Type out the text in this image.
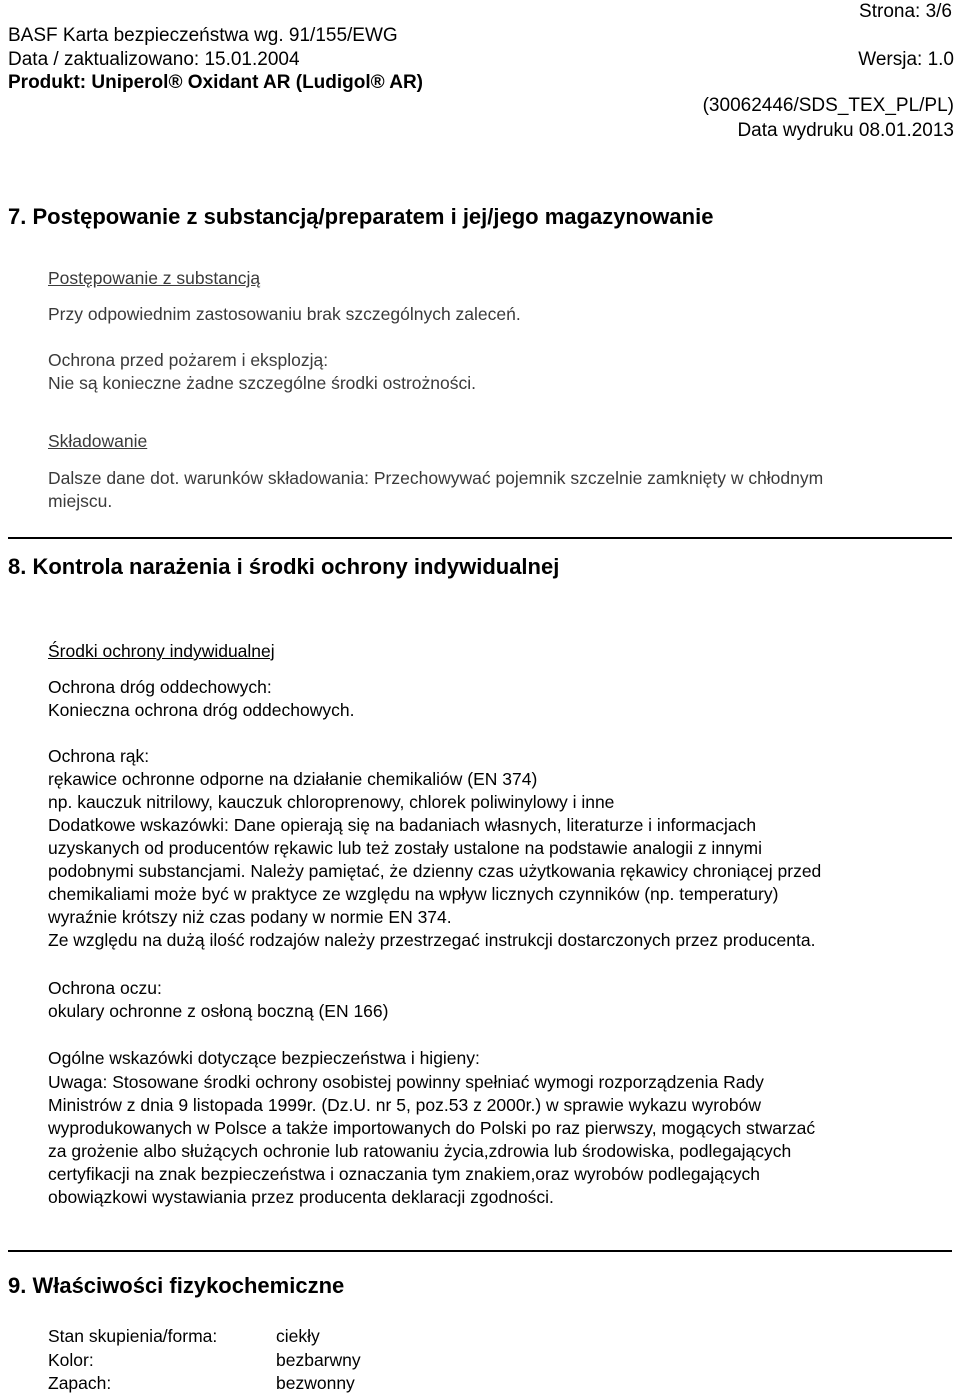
Strona: 3/6
BASF Karta bezpieczeństwa wg. 91/155/EWG
Data / zaktualizowano: 15.01.2004	Wersja: 1.0
Produkt: Uniperol® Oxidant AR (Ludigol® AR)
(30062446/SDS_TEX_PL/PL)
Data wydruku 08.01.2013
7. Postępowanie z substancją/preparatem i jej/jego magazynowanie
Postępowanie z substancją
Przy odpowiednim zastosowaniu brak szczególnych zaleceń.
Ochrona przed pożarem i eksplozją:
Nie są konieczne żadne szczególne środki ostrożności.
Składowanie
Dalsze dane dot. warunków składowania: Przechowywać pojemnik szczelnie zamknięty w chłodnym
miejscu.
8. Kontrola narażenia i środki ochrony indywidualnej
Środki ochrony indywidualnej
Ochrona dróg oddechowych:
Konieczna ochrona dróg oddechowych.
Ochrona rąk:
rękawice ochronne odporne na działanie chemikaliów (EN 374)
np. kauczuk nitrilowy, kauczuk chloroprenowy, chlorek poliwinylowy i inne
Dodatkowe wskazówki: Dane opierają się na badaniach własnych, literaturze i informacjach
uzyskanych od producentów rękawic lub też zostały ustalone na podstawie analogii z innymi
podobnymi substancjami. Należy pamiętać, że dzienny czas użytkowania rękawicy chroniącej przed
chemikaliami może być w praktyce ze względu na wpływ licznych czynników (np. temperatury)
wyraźnie krótszy niż czas podany w normie EN 374.
Ze względu na dużą ilość rodzajów należy przestrzegać instrukcji dostarczonych przez producenta.
Ochrona oczu:
okulary ochronne z osłoną boczną (EN 166)
Ogólne wskazówki dotyczące bezpieczeństwa i higieny:
Uwaga: Stosowane środki ochrony osobistej powinny spełniać wymogi rozporządzenia Rady
Ministrów z dnia 9 listopada 1999r. (Dz.U. nr 5, poz.53 z 2000r.) w sprawie wykazu wyrobów
wyprodukowanych w Polsce a także importowanych do Polski po raz pierwszy, mogących stwarzać
za grożenie albo służących ochronie lub ratowaniu życia,zdrowia lub środowiska, podlegających
certyfikacji na znak bezpieczeństwa i oznaczania tym znakiem,oraz wyrobów podlegających
obowiązkowi wystawiania przez producenta deklaracji zgodności.
9. Właściwości fizykochemiczne
Stan skupienia/forma:	ciekły
Kolor:	bezbarwny
Zapach:	bezwonny
